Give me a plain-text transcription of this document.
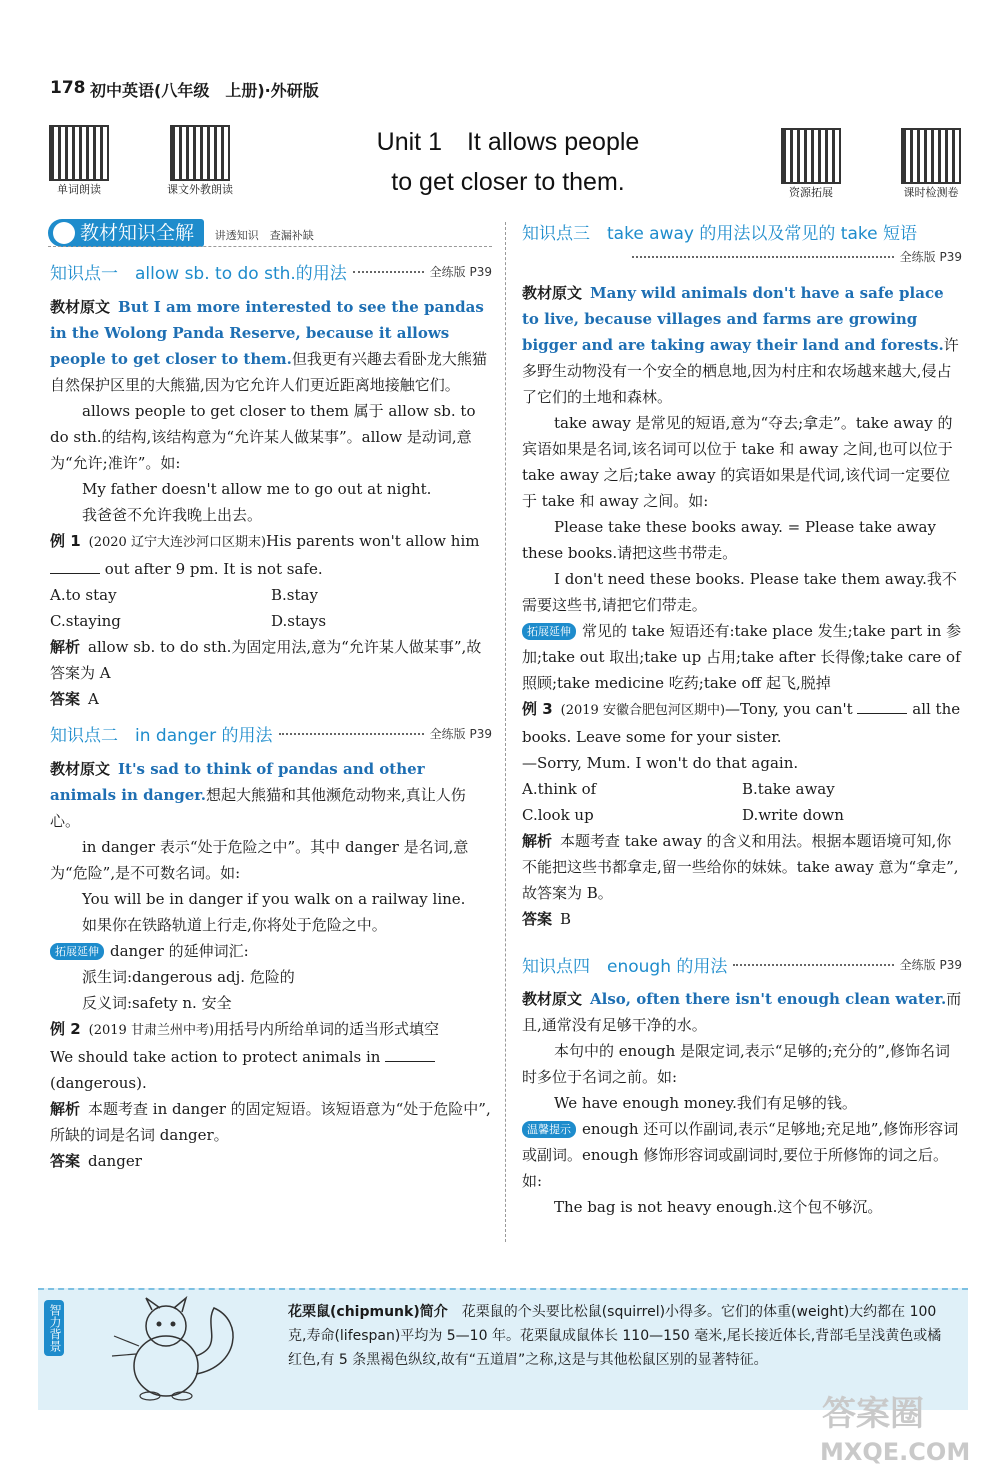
178 初中英语(八年级　上册)·外研版
单词朗读	课文外教朗读	资源拓展	课时检测卷
Unit 1　It allows people
to get closer to them.
教材知识全解 讲透知识　查漏补缺
知识点一　allow sb. to do sth.的用法	全练版 P39

教材原文 But I am more interested to see the pandas in the Wolong Panda Reserve, because it allows people to get closer to them.但我更有兴趣去看卧龙大熊猫自然保护区里的大熊猫,因为它允许人们更近距离地接触它们。

allows people to get closer to them 属于 allow sb. to do sth.的结构,该结构意为“允许某人做某事”。allow 是动词,意为“允许;准许”。如:

My father doesn't allow me to go out at night.

我爸爸不允许我晚上出去。

例 1 (2020 辽宁大连沙河口区期末)His parents won't allow him  out after 9 pm. It is not safe.

A.to stay	B.stay
C.staying	D.stays

解析 allow sb. to do sth.为固定用法,意为“允许某人做某事”,故答案为 A

答案 A

知识点二　in danger 的用法	全练版 P39

教材原文 It's sad to think of pandas and other animals in danger.想起大熊猫和其他濒危动物来,真让人伤心。

in danger 表示“处于危险之中”。其中 danger 是名词,意为“危险”,是不可数名词。如:

You will be in danger if you walk on a railway line.

如果你在铁路轨道上行走,你将处于危险之中。

拓展延伸 danger 的延伸词汇:

派生词:dangerous adj. 危险的

反义词:safety n. 安全

例 2 (2019 甘肃兰州中考)用括号内所给单词的适当形式填空

We should take action to protect animals in  (dangerous).

解析 本题考查 in danger 的固定短语。该短语意为“处于危险中”,所缺的词是名词 danger。

答案 danger

知识点三　take away 的用法以及常见的 take 短语
全练版 P39

教材原文 Many wild animals don't have a safe place to live, because villages and farms are growing bigger and are taking away their land and forests.许多野生动物没有一个安全的栖息地,因为村庄和农场越来越大,侵占了它们的土地和森林。

take away 是常见的短语,意为“夺去;拿走”。take away 的宾语如果是名词,该名词可以位于 take 和 away 之间,也可以位于 take away 之后;take away 的宾语如果是代词,该代词一定要位于 take 和 away 之间。如:

Please take these books away. = Please take away these books.请把这些书带走。

I don't need these books. Please take them away.我不需要这些书,请把它们带走。

拓展延伸 常见的 take 短语还有:take place 发生;take part in 参加;take out 取出;take up 占用;take after 长得像;take care of 照顾;take medicine 吃药;take off 起飞,脱掉

例 3 (2019 安徽合肥包河区期中)—Tony, you can't	all the books. Leave some for your sister.

—Sorry, Mum. I won't do that again.

A.think of	B.take away
C.look up	D.write down

解析 本题考查 take away 的含义和用法。根据本题语境可知,你不能把这些书都拿走,留一些给你的妹妹。take away 意为“拿走”,故答案为 B。

答案 B

知识点四　enough 的用法	全练版 P39

教材原文 Also, often there isn't enough clean water.而且,通常没有足够干净的水。

本句中的 enough 是限定词,表示“足够的;充分的”,修饰名词时多位于名词之前。如:

We have enough money.我们有足够的钱。

温馨提示 enough 还可以作副词,表示“足够地;充足地”,修饰形容词或副词。enough 修饰形容词或副词时,要位于所修饰的词之后。如:

The bag is not heavy enough.这个包不够沉。

智力背景	花栗鼠(chipmunk)简介 花栗鼠的个头要比松鼠(squirrel)小得多。它们的体重(weight)大约都在 100 克,寿命(lifespan)平均为 5—10 年。花栗鼠成鼠体长 110—150 毫米,尾长接近体长,背部毛呈浅黄色或橘红色,有 5 条黑褐色纵纹,故有“五道眉”之称,这是与其他松鼠区别的显著特征。
答案圈
MXQE.COM
